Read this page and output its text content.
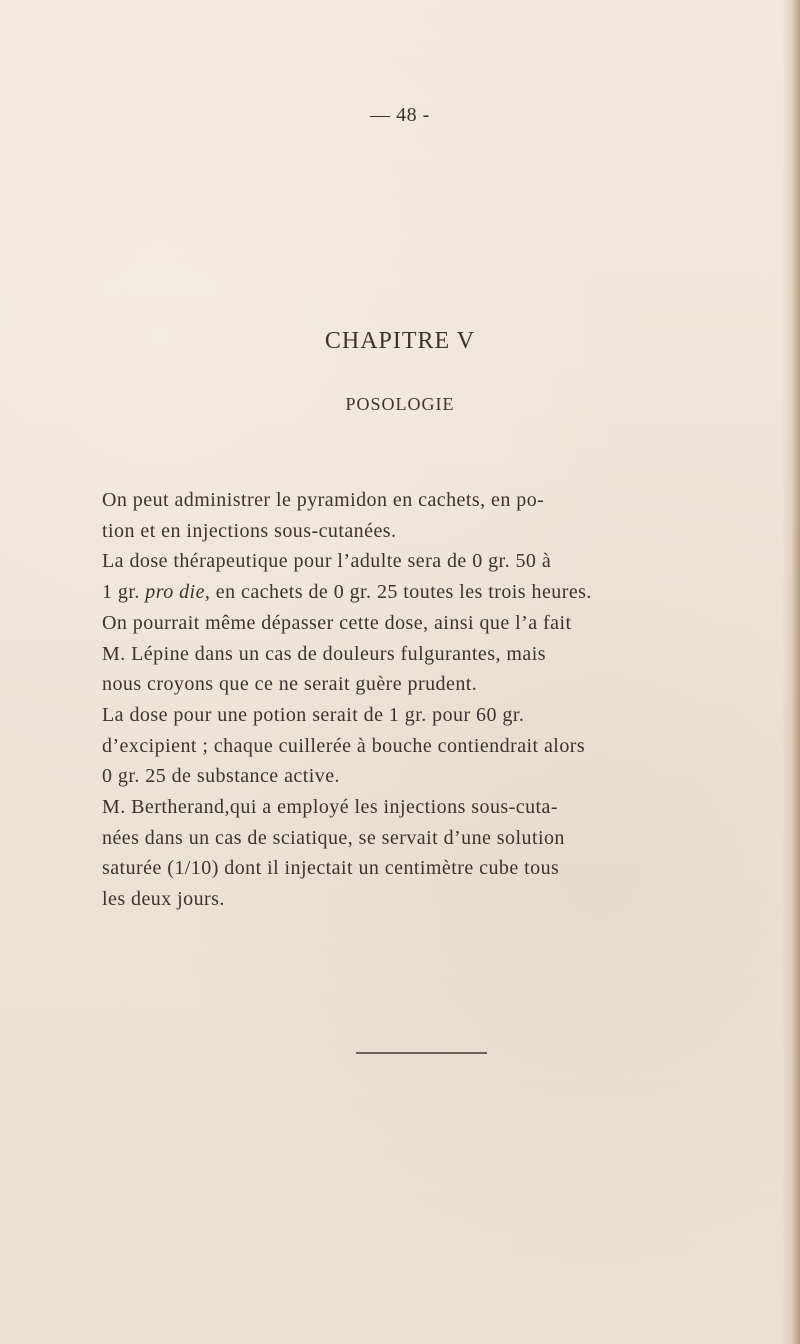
— 48 -
CHAPITRE V
POSOLOGIE

On peut administrer le pyramidon en cachets, en po-
tion et en injections sous-cutanées.

La dose thérapeutique pour l’adulte sera de 0 gr. 50 à
1 gr. pro die, en cachets de 0 gr. 25 toutes les trois heures.
On pourrait même dépasser cette dose, ainsi que l’a fait
M. Lépine dans un cas de douleurs fulgurantes, mais
nous croyons que ce ne serait guère prudent.

La dose pour une potion serait de 1 gr. pour 60 gr.
d’excipient ; chaque cuillerée à bouche contiendrait alors
0 gr. 25 de substance active.

M. Bertherand,qui a employé les injections sous-cuta-
nées dans un cas de sciatique, se servait d’une solution
saturée (1/10) dont il injectait un centimètre cube tous
les deux jours.
